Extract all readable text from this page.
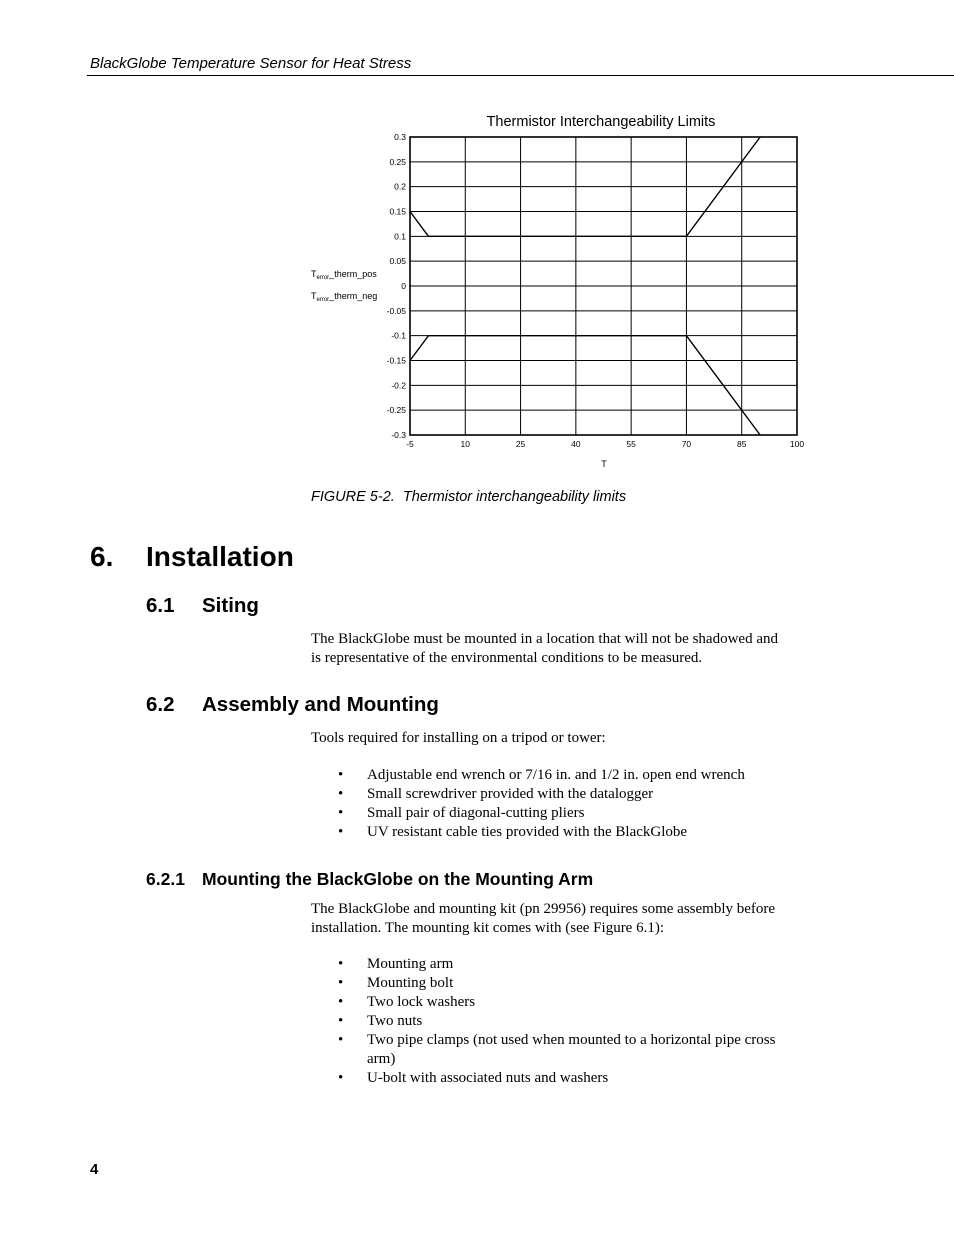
BlackGlobe Temperature Sensor for Heat Stress
Thermistor Interchangeability Limits
0.3
0.25
0.2
0.15
0.1
0.05
0
-0.05
-0.1
-0.15
-0.2
-0.25
-0.3
-5	10	25	40	55	70	85	100
$T_{error}\_therm\_pos$
$T_{error}\_therm\_neg$
T
FIGURE 5-2.  Thermistor interchangeability limits
6. Installation
6.1 Siting
The BlackGlobe must be mounted in a location that will not be shadowed and
is representative of the environmental conditions to be measured.
6.2 Assembly and Mounting
Tools required for installing on a tripod or tower:
• Adjustable end wrench or 7/16 in. and 1/2 in. open end wrench
• Small screwdriver provided with the datalogger
• Small pair of diagonal-cutting pliers
• UV resistant cable ties provided with the BlackGlobe
6.2.1 Mounting the BlackGlobe on the Mounting Arm
The BlackGlobe and mounting kit (pn 29956) requires some assembly before
installation. The mounting kit comes with (see Figure 6.1):
• Mounting arm
• Mounting bolt
• Two lock washers
• Two nuts
• Two pipe clamps (not used when mounted to a horizontal pipe cross arm)
• U-bolt with associated nuts and washers
4
